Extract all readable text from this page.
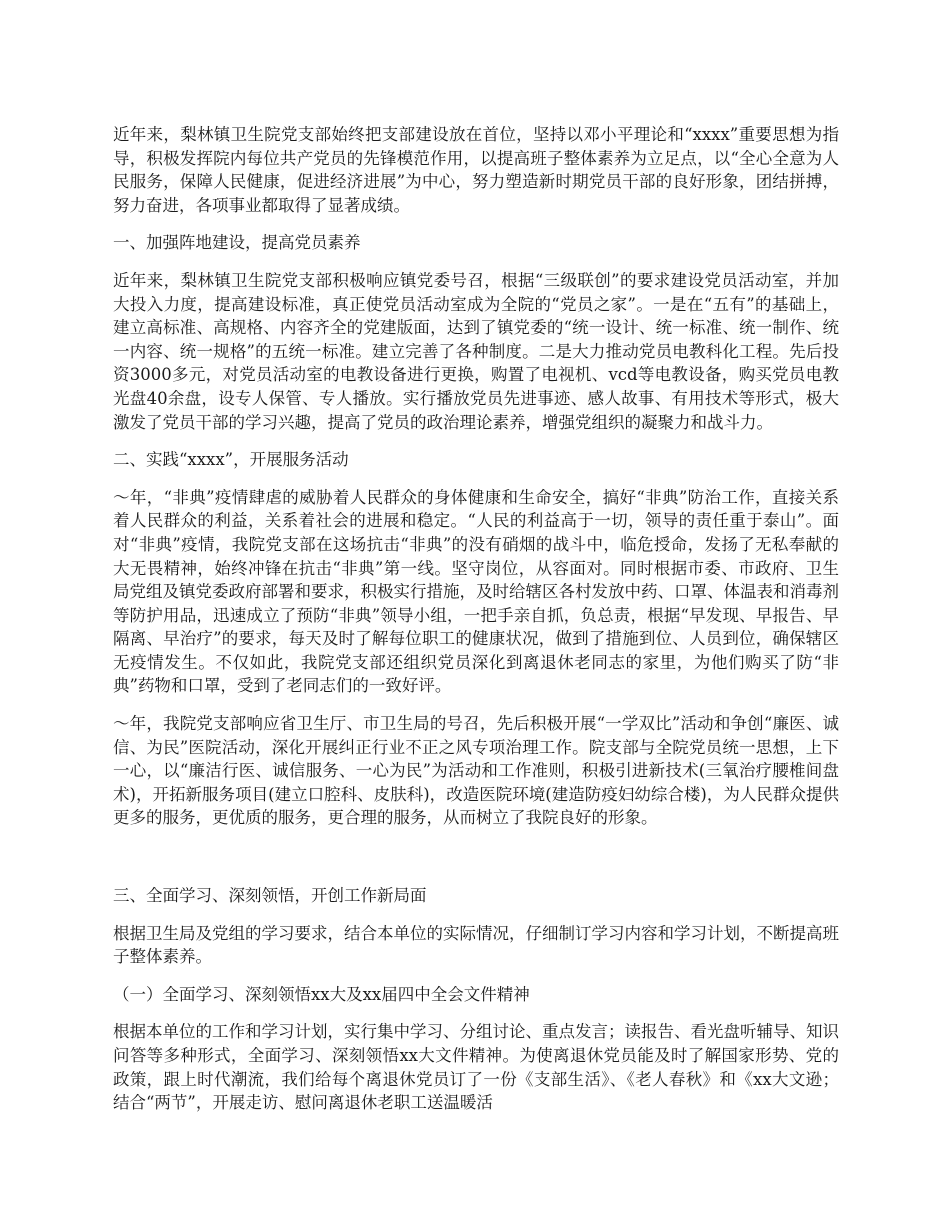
近年来，梨林镇卫生院党支部始终把支部建设放在首位，坚持以邓小平理论和“xxxx”重要思想为指导，积极发挥院内每位共产党员的先锋模范作用，以提高班子整体素养为立足点，以“全心全意为人民服务，保障人民健康，促进经济进展”为中心，努力塑造新时期党员干部的良好形象，团结拼搏，努力奋进，各项事业都取得了显著成绩。

一、加强阵地建设，提高党员素养

近年来，梨林镇卫生院党支部积极响应镇党委号召，根据“三级联创”的要求建设党员活动室，并加大投入力度，提高建设标准，真正使党员活动室成为全院的“党员之家”。一是在“五有”的基础上，建立高标准、高规格、内容齐全的党建版面，达到了镇党委的“统一设计、统一标准、统一制作、统一内容、统一规格”的五统一标准。建立完善了各种制度。二是大力推动党员电教科化工程。先后投资3000多元，对党员活动室的电教设备进行更换，购置了电视机、vcd等电教设备，购买党员电教光盘40余盘，设专人保管、专人播放。实行播放党员先进事迹、感人故事、有用技术等形式，极大激发了党员干部的学习兴趣，提高了党员的政治理论素养，增强党组织的凝聚力和战斗力。

二、实践“xxxx”，开展服务活动

～年，“非典”疫情肆虐的威胁着人民群众的身体健康和生命安全，搞好“非典”防治工作，直接关系着人民群众的利益，关系着社会的进展和稳定。“人民的利益高于一切，领导的责任重于泰山”。面对“非典”疫情，我院党支部在这场抗击“非典”的没有硝烟的战斗中，临危授命，发扬了无私奉献的大无畏精神，始终冲锋在抗击“非典”第一线。坚守岗位，从容面对。同时根据市委、市政府、卫生局党组及镇党委政府部署和要求，积极实行措施，及时给辖区各村发放中药、口罩、体温表和消毒剂等防护用品，迅速成立了预防“非典”领导小组，一把手亲自抓，负总责，根据“早发现、早报告、早隔离、早治疗”的要求，每天及时了解每位职工的健康状况，做到了措施到位、人员到位，确保辖区无疫情发生。不仅如此，我院党支部还组织党员深化到离退休老同志的家里，为他们购买了防“非典”药物和口罩，受到了老同志们的一致好评。

～年，我院党支部响应省卫生厅、市卫生局的号召，先后积极开展“一学双比”活动和争创“廉医、诚信、为民”医院活动，深化开展纠正行业不正之风专项治理工作。院支部与全院党员统一思想，上下一心，以“廉洁行医、诚信服务、一心为民”为活动和工作准则，积极引进新技术(三氧治疗腰椎间盘术)，开拓新服务项目(建立口腔科、皮肤科)，改造医院环境(建造防疫妇幼综合楼)，为人民群众提供更多的服务，更优质的服务，更合理的服务，从而树立了我院良好的形象。

三、全面学习、深刻领悟，开创工作新局面

根据卫生局及党组的学习要求，结合本单位的实际情况，仔细制订学习内容和学习计划，不断提高班子整体素养。

（一）全面学习、深刻领悟xx大及xx届四中全会文件精神

根据本单位的工作和学习计划，实行集中学习、分组讨论、重点发言；读报告、看光盘听辅导、知识问答等多种形式，全面学习、深刻领悟xx大文件精神。为使离退休党员能及时了解国家形势、党的政策，跟上时代潮流，我们给每个离退休党员订了一份《支部生活》、《老人春秋》和《xx大文逊；结合“两节”，开展走访、慰问离退休老职工送温暖活
